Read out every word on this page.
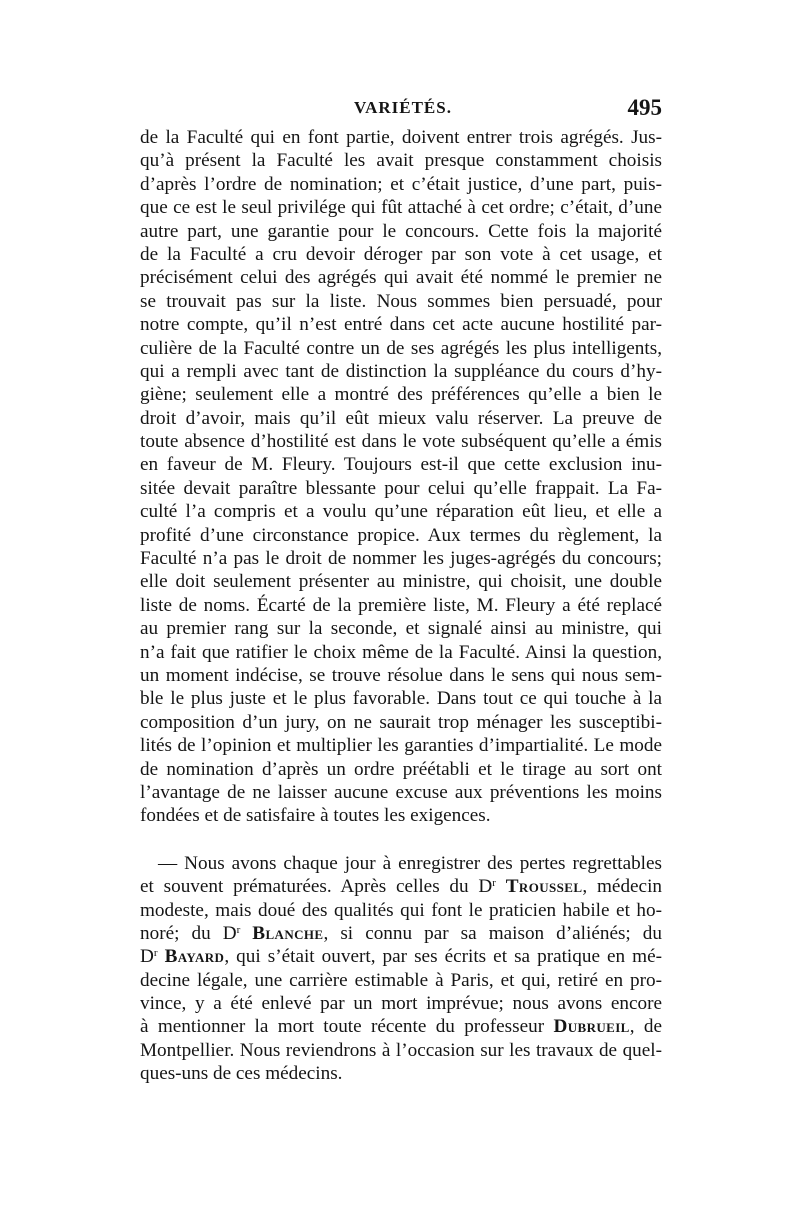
VARIÉTÉS.	495
de la Faculté qui en font partie, doivent entrer trois agrégés. Jus-
qu’à présent la Faculté les avait presque constamment choisis
d’après l’ordre de nomination; et c’était justice, d’une part, puis-
que ce est le seul privilége qui fût attaché à cet ordre; c’était, d’une
autre part, une garantie pour le concours. Cette fois la majorité
de la Faculté a cru devoir déroger par son vote à cet usage, et
précisément celui des agrégés qui avait été nommé le premier ne
se trouvait pas sur la liste. Nous sommes bien persuadé, pour
notre compte, qu’il n’est entré dans cet acte aucune hostilité par-
culière de la Faculté contre un de ses agrégés les plus intelligents,
qui a rempli avec tant de distinction la suppléance du cours d’hy-
giène; seulement elle a montré des préférences qu’elle a bien le
droit d’avoir, mais qu’il eût mieux valu réserver. La preuve de
toute absence d’hostilité est dans le vote subséquent qu’elle a émis
en faveur de M. Fleury. Toujours est-il que cette exclusion inu-
sitée devait paraître blessante pour celui qu’elle frappait. La Fa-
culté l’a compris et a voulu qu’une réparation eût lieu, et elle a
profité d’une circonstance propice. Aux termes du règlement, la
Faculté n’a pas le droit de nommer les juges-agrégés du concours;
elle doit seulement présenter au ministre, qui choisit, une double
liste de noms. Écarté de la première liste, M. Fleury a été replacé
au premier rang sur la seconde, et signalé ainsi au ministre, qui
n’a fait que ratifier le choix même de la Faculté. Ainsi la question,
un moment indécise, se trouve résolue dans le sens qui nous sem-
ble le plus juste et le plus favorable. Dans tout ce qui touche à la
composition d’un jury, on ne saurait trop ménager les susceptibi-
lités de l’opinion et multiplier les garanties d’impartialité. Le mode
de nomination d’après un ordre préétabli et le tirage au sort ont
l’avantage de ne laisser aucune excuse aux préventions les moins
fondées et de satisfaire à toutes les exigences.
— Nous avons chaque jour à enregistrer des pertes regrettables
et souvent prématurées. Après celles du $D^r$ Troussel, médecin
modeste, mais doué des qualités qui font le praticien habile et ho-
noré; du $D^r$ Blanche, si connu par sa maison d’aliénés; du
$D^r$ Bayard, qui s’était ouvert, par ses écrits et sa pratique en mé-
decine légale, une carrière estimable à Paris, et qui, retiré en pro-
vince, y a été enlevé par un mort imprévue; nous avons encore
à mentionner la mort toute récente du professeur Dubrueil, de
Montpellier. Nous reviendrons à l’occasion sur les travaux de quel-
ques-uns de ces médecins.
